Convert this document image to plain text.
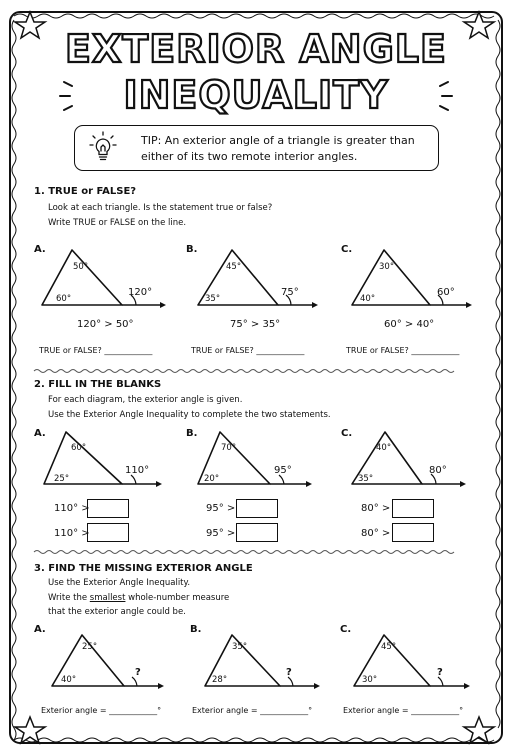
EXTERIOR ANGLE
INEQUALITY
TIP: An exterior angle of a triangle is greater than
either of its two remote interior angles.
1. TRUE or FALSE?
Look at each triangle. Is the statement true or false?
Write TRUE or FALSE on the line.
A.
50°
60°
120°
120° > 50°
TRUE or FALSE? ____________
B.
45°
35°
75°
75° > 35°
TRUE or FALSE? ____________
C.
30°
40°
60°
60° > 40°
TRUE or FALSE? ____________
2. FILL IN THE BLANKS
For each diagram, the exterior angle is given.
Use the Exterior Angle Inequality to complete the two statements.
A.
60°
25°
110°
110° >
110° >
B.
70°
20°
95°
95° >
95° >
C.
40°
35°
80°
80° >
80° >
3. FIND THE MISSING EXTERIOR ANGLE
Use the Exterior Angle Inequality.
Write the smallest whole-number measure
that the exterior angle could be.
A.
25°
40°
?
Exterior angle = ____________°
B.
35°
28°
?
Exterior angle = ____________°
C.
45°
30°
?
Exterior angle = ____________°
